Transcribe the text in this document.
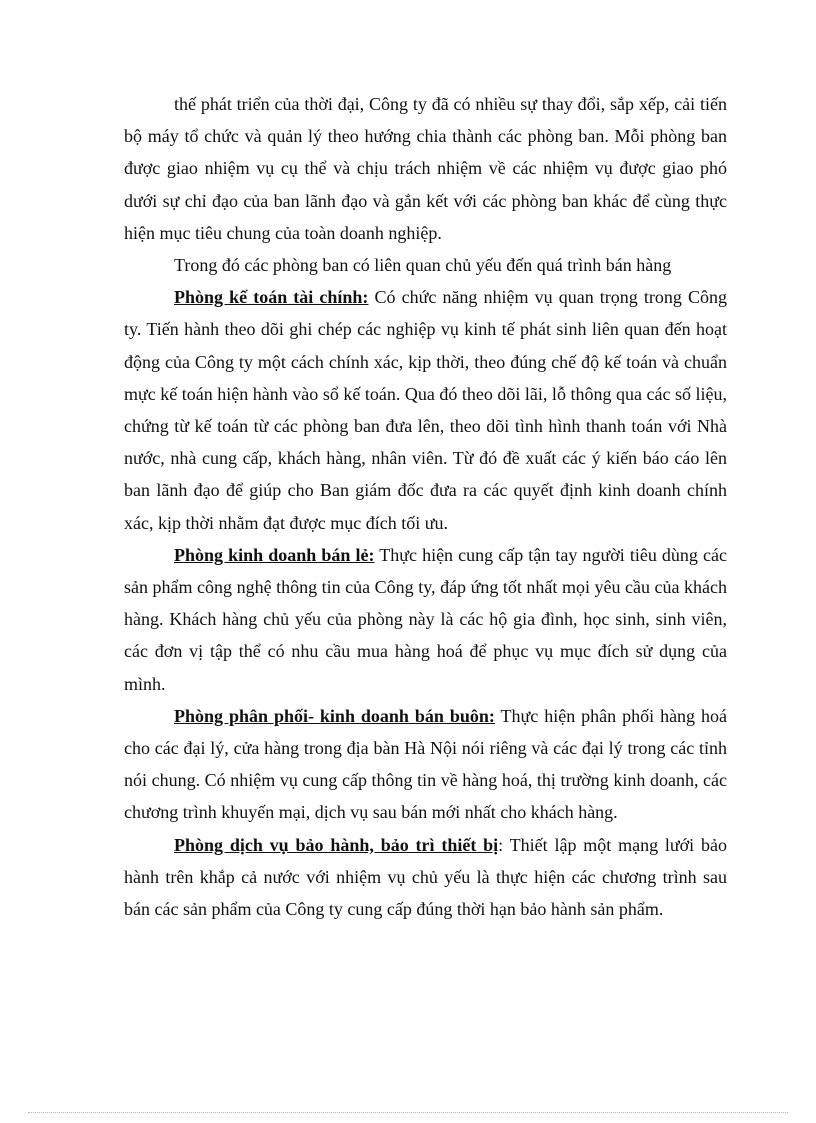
thế phát triển của thời đại, Công ty đã có nhiều sự thay đổi, sắp xếp, cải tiến bộ máy tổ chức và quản lý theo hướng chia thành các phòng ban. Mỗi phòng ban được giao nhiệm vụ cụ thể và chịu trách nhiệm về các nhiệm vụ được giao phó dưới sự chỉ đạo của ban lãnh đạo và gắn kết với các phòng ban khác để cùng thực hiện mục tiêu chung của toàn doanh nghiệp.

Trong đó các phòng ban có liên quan chủ yếu đến quá trình bán hàng

Phòng kế toán tài chính: Có chức năng nhiệm vụ quan trọng trong Công ty. Tiến hành theo dõi ghi chép các nghiệp vụ kinh tế phát sinh liên quan đến hoạt động của Công ty một cách chính xác, kịp thời, theo đúng chế độ kế toán và chuẩn mực kế toán hiện hành vào sổ kế toán. Qua đó theo dõi lãi, lỗ thông qua các số liệu, chứng từ kế toán từ các phòng ban đưa lên, theo dõi tình hình thanh toán với Nhà nước, nhà cung cấp, khách hàng, nhân viên. Từ đó đề xuất các ý kiến báo cáo lên ban lãnh đạo để giúp cho Ban giám đốc đưa ra các quyết định kinh doanh chính xác, kịp thời nhằm đạt được mục đích tối ưu.

Phòng kinh doanh bán lẻ: Thực hiện cung cấp tận tay người tiêu dùng các sản phẩm công nghệ thông tin của Công ty, đáp ứng tốt nhất mọi yêu cầu của khách hàng. Khách hàng chủ yếu của phòng này là các hộ gia đình, học sinh, sinh viên, các đơn vị tập thể có nhu cầu mua hàng hoá để phục vụ mục đích sử dụng của mình.

Phòng phân phối- kinh doanh bán buôn: Thực hiện phân phối hàng hoá cho các đại lý, cửa hàng trong địa bàn Hà Nội nói riêng và các đại lý trong các tỉnh nói chung. Có nhiệm vụ cung cấp thông tin về hàng hoá, thị trường kinh doanh, các chương trình khuyến mại, dịch vụ sau bán mới nhất cho khách hàng.

Phòng dịch vụ bảo hành, bảo trì thiết bị: Thiết lập một mạng lưới bảo hành trên khắp cả nước với nhiệm vụ chủ yếu là thực hiện các chương trình sau bán các sản phẩm của Công ty cung cấp đúng thời hạn bảo hành sản phẩm.
